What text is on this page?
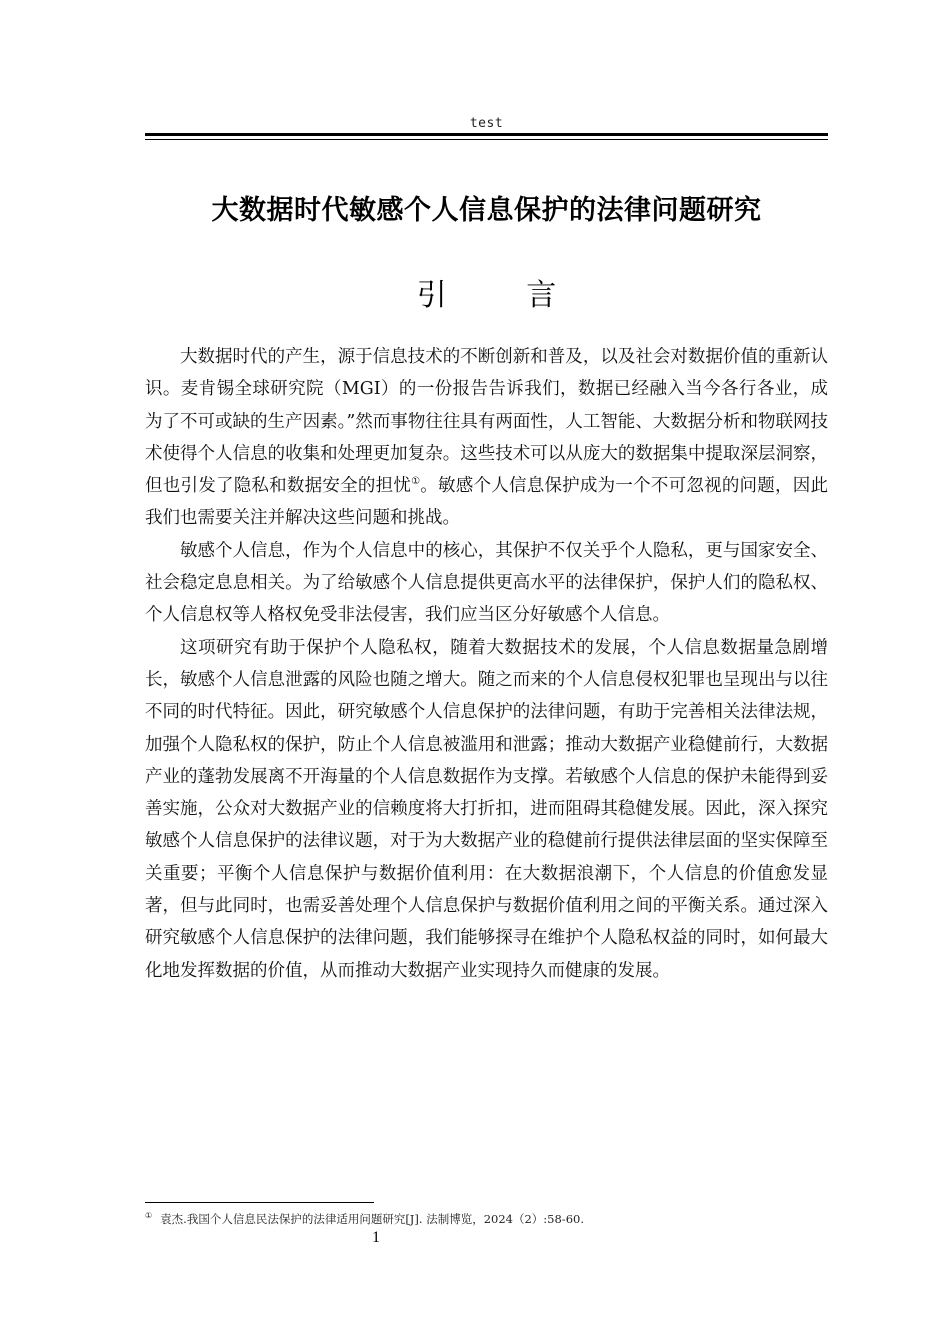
test
大数据时代敏感个人信息保护的法律问题研究
引 言

大数据时代的产生，源于信息技术的不断创新和普及，以及社会对数据价值的重新认识。麦肯锡全球研究院（MGI）的一份报告告诉我们，数据已经融入当今各行各业，成为了不可或缺的生产因素。”然而事物往往具有两面性，人工智能、大数据分析和物联网技术使得个人信息的收集和处理更加复杂。这些技术可以从庞大的数据集中提取深层洞察，但也引发了隐私和数据安全的担忧①。敏感个人信息保护成为一个不可忽视的问题，因此我们也需要关注并解决这些问题和挑战。

敏感个人信息，作为个人信息中的核心，其保护不仅关乎个人隐私，更与国家安全、社会稳定息息相关。为了给敏感个人信息提供更高水平的法律保护，保护人们的隐私权、个人信息权等人格权免受非法侵害，我们应当区分好敏感个人信息。

这项研究有助于保护个人隐私权，随着大数据技术的发展，个人信息数据量急剧增长，敏感个人信息泄露的风险也随之增大。随之而来的个人信息侵权犯罪也呈现出与以往不同的时代特征。因此，研究敏感个人信息保护的法律问题，有助于完善相关法律法规，加强个人隐私权的保护，防止个人信息被滥用和泄露；推动大数据产业稳健前行，大数据产业的蓬勃发展离不开海量的个人信息数据作为支撑。若敏感个人信息的保护未能得到妥善实施，公众对大数据产业的信赖度将大打折扣，进而阻碍其稳健发展。因此，深入探究敏感个人信息保护的法律议题，对于为大数据产业的稳健前行提供法律层面的坚实保障至关重要；平衡个人信息保护与数据价值利用：在大数据浪潮下，个人信息的价值愈发显著，但与此同时，也需妥善处理个人信息保护与数据价值利用之间的平衡关系。通过深入研究敏感个人信息保护的法律问题，我们能够探寻在维护个人隐私权益的同时，如何最大化地发挥数据的价值，从而推动大数据产业实现持久而健康的发展。

① 袁杰.我国个人信息民法保护的法律适用问题研究[J]. 法制博览，2024（2）:58-60.
1
